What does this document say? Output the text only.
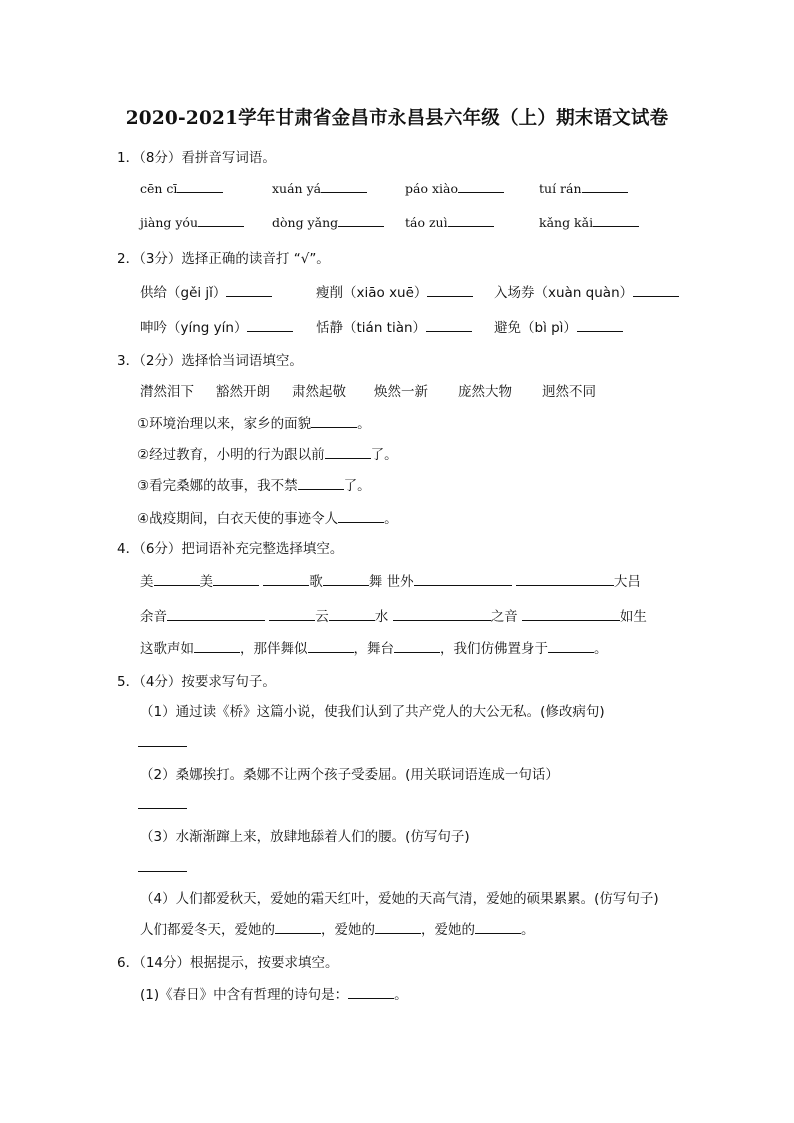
2020-2021学年甘肃省金昌市永昌县六年级（上）期末语文试卷
1．（8分）看拼音写词语。
cēn cī	xuán yá	páo xiào	tuí rán
jiàng yóu	dòng yǎng	táo zuì	kǎng kǎi
2．（3分）选择正确的读音打 “√”。
供给（gěi jǐ）	瘦削（xiāo xuē）	入场券（xuàn quàn）
呻吟（yíng yín）	恬静（tián tiàn）	避免（bì pì）
3．（2分）选择恰当词语填空。
潸然泪下 豁然开朗 肃然起敬 焕然一新 庞然大物 迥然不同
①环境治理以来，家乡的面貌	。
②经过教育，小明的行为跟以前	了。
③看完桑娜的故事，我不禁	了。
④战疫期间，白衣天使的事迹令人	。
4．（6分）把词语补充完整选择填空。
美	美	歌	舞 世外	大吕
余音	云	水	之音	如生
这歌声如	，那伴舞似	，舞台	，我们仿佛置身于	。
5．（4分）按要求写句子。
（1）通过读《桥》这篇小说，使我们认到了共产党人的大公无私。(修改病句)
（2）桑娜挨打。桑娜不让两个孩子受委屈。(用关联词语连成一句话）
（3）水渐渐蹿上来，放肆地舔着人们的腰。(仿写句子)
（4）人们都爱秋天，爱她的霜天红叶，爱她的天高气清，爱她的硕果累累。(仿写句子)
人们都爱冬天，爱她的	，爱她的	，爱她的	。
6．（14分）根据提示，按要求填空。
(1)《春日》中含有哲理的诗句是：	。
